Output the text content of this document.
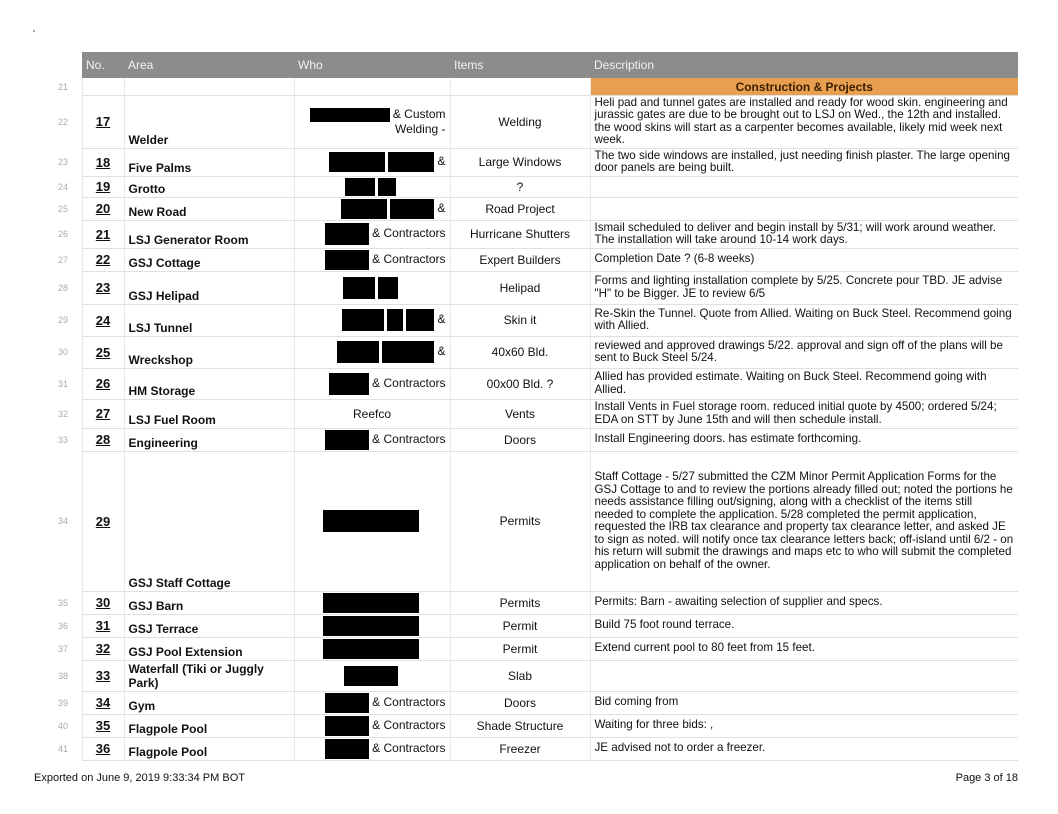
	No.	Area	Who	Items	Description
21					Construction & Projects
22	17	Welder	& Custom Welding -	Welding	Heli pad and tunnel gates are installed and ready for wood skin. engineering and jurassic gates are due to be brought out to LSJ on Wed., the 12th and installed. the wood skins will start as a carpenter becomes available, likely mid week next week.
23	18	Five Palms	&	Large Windows	The two side windows are installed, just needing finish plaster. The large opening door panels are being built.
24	19	Grotto		?	
25	20	New Road	&	Road Project	
26	21	LSJ Generator Room	& Contractors	Hurricane Shutters	Ismail scheduled to deliver and begin install by 5/31; will work around weather. The installation will take around 10-14 work days.
27	22	GSJ Cottage	& Contractors	Expert Builders	Completion Date ? (6-8 weeks)
28	23	GSJ Helipad		Helipad	Forms and lighting installation complete by 5/25. Concrete pour TBD. JE advise "H" to be Bigger. JE to review 6/5
29	24	LSJ Tunnel	&	Skin it	Re-Skin the Tunnel. Quote from Allied. Waiting on Buck Steel. Recommend going with Allied.
30	25	Wreckshop	&	40x60 Bld.	reviewed and approved drawings 5/22. approval and sign off of the plans will be sent to Buck Steel 5/24.
31	26	HM Storage	& Contractors	00x00 Bld. ?	Allied has provided estimate. Waiting on Buck Steel. Recommend going with Allied.
32	27	LSJ Fuel Room	Reefco	Vents	Install Vents in Fuel storage room. reduced initial quote by 4500; ordered 5/24; EDA on STT by June 15th and will then schedule install.
33	28	Engineering	& Contractors	Doors	Install Engineering doors. has estimate forthcoming.
34	29	GSJ Staff Cottage		Permits	Staff Cottage - 5/27 submitted the CZM Minor Permit Application Forms for the GSJ Cottage to and to review the portions already filled out; noted the portions he needs assistance filling out/signing, along with a checklist of the items still needed to complete the application. 5/28 completed the permit application, requested the IRB tax clearance and property tax clearance letter, and asked JE to sign as noted. will notify once tax clearance letters back; off-island until 6/2 - on his return will submit the drawings and maps etc to who will submit the completed application on behalf of the owner.
35	30	GSJ Barn		Permits	Permits: Barn - awaiting selection of supplier and specs.
36	31	GSJ Terrace		Permit	Build 75 foot round terrace.
37	32	GSJ Pool Extension		Permit	Extend current pool to 80 feet from 15 feet.
38	33	Waterfall (Tiki or Juggly Park)		Slab	
39	34	Gym	& Contractors	Doors	Bid coming from
40	35	Flagpole Pool	& Contractors	Shade Structure	Waiting for three bids: ,
41	36	Flagpole Pool	& Contractors	Freezer	JE advised not to order a freezer.
Exported on June 9, 2019 9:33:34 PM BOT	Page 3 of 18
